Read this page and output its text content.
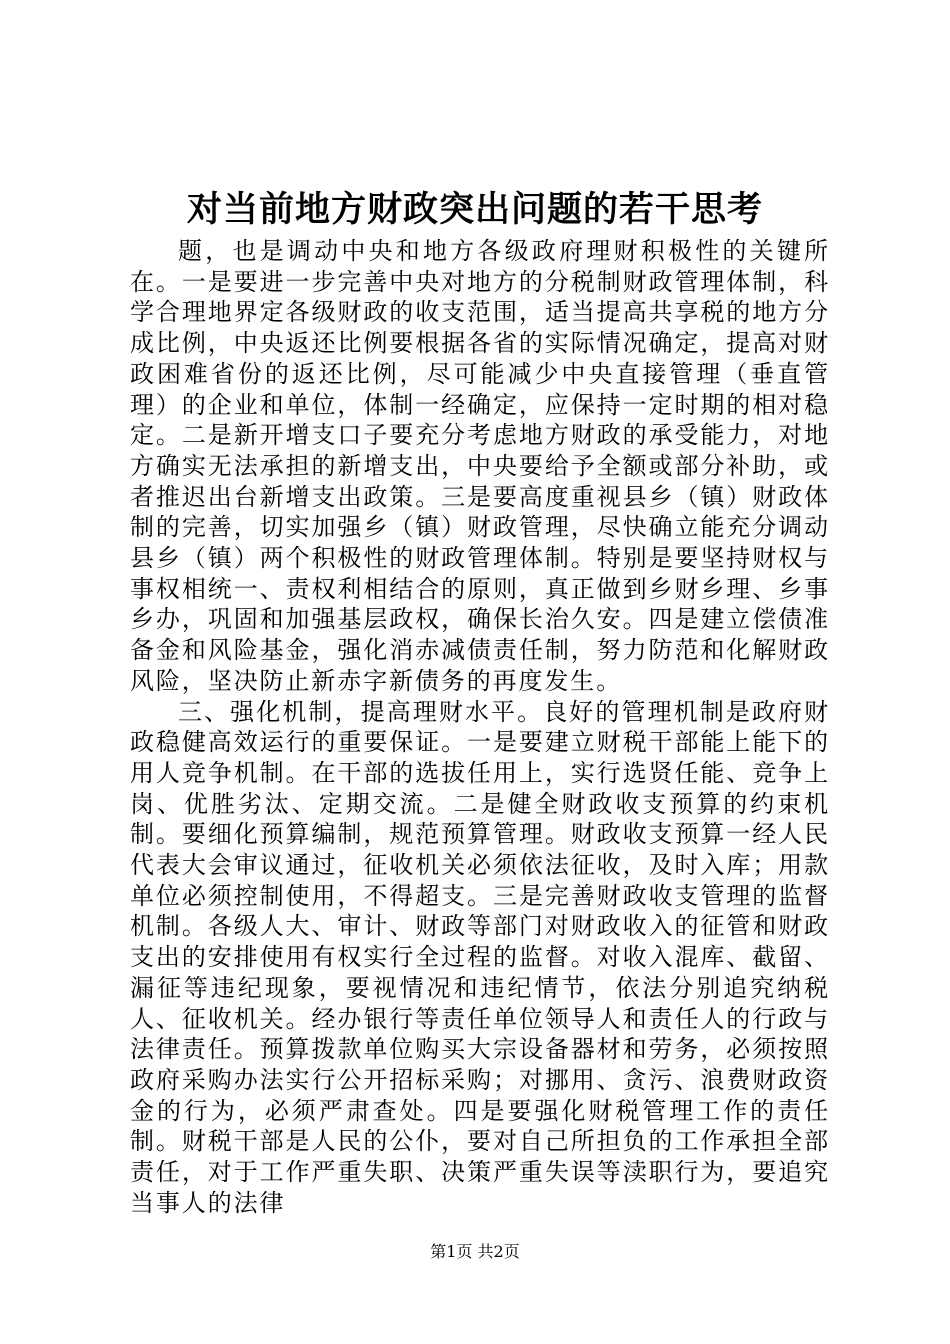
对当前地方财政突出问题的若干思考

题，也是调动中央和地方各级政府理财积极性的关键所在。一是要进一步完善中央对地方的分税制财政管理体制，科学合理地界定各级财政的收支范围，适当提高共享税的地方分成比例，中央返还比例要根据各省的实际情况确定，提高对财政困难省份的返还比例，尽可能减少中央直接管理（垂直管理）的企业和单位，体制一经确定，应保持一定时期的相对稳定。二是新开增支口子要充分考虑地方财政的承受能力，对地方确实无法承担的新增支出，中央要给予全额或部分补助，或者推迟出台新增支出政策。三是要高度重视县乡（镇）财政体制的完善，切实加强乡（镇）财政管理，尽快确立能充分调动县乡（镇）两个积极性的财政管理体制。特别是要坚持财权与事权相统一、责权利相结合的原则，真正做到乡财乡理、乡事乡办，巩固和加强基层政权，确保长治久安。四是建立偿债准备金和风险基金，强化消赤减债责任制，努力防范和化解财政风险，坚决防止新赤字新债务的再度发生。

三、强化机制，提高理财水平。良好的管理机制是政府财政稳健高效运行的重要保证。一是要建立财税干部能上能下的用人竞争机制。在干部的选拔任用上，实行选贤任能、竞争上岗、优胜劣汰、定期交流。二是健全财政收支预算的约束机制。要细化预算编制，规范预算管理。财政收支预算一经人民代表大会审议通过，征收机关必须依法征收，及时入库；用款单位必须控制使用，不得超支。三是完善财政收支管理的监督机制。各级人大、审计、财政等部门对财政收入的征管和财政支出的安排使用有权实行全过程的监督。对收入混库、截留、漏征等违纪现象，要视情况和违纪情节，依法分别追究纳税人、征收机关。经办银行等责任单位领导人和责任人的行政与法律责任。预算拨款单位购买大宗设备器材和劳务，必须按照政府采购办法实行公开招标采购；对挪用、贪污、浪费财政资金的行为，必须严肃查处。四是要强化财税管理工作的责任制。财税干部是人民的公仆，要对自己所担负的工作承担全部责任，对于工作严重失职、决策严重失误等渎职行为，要追究当事人的法律

第1页 共2页
